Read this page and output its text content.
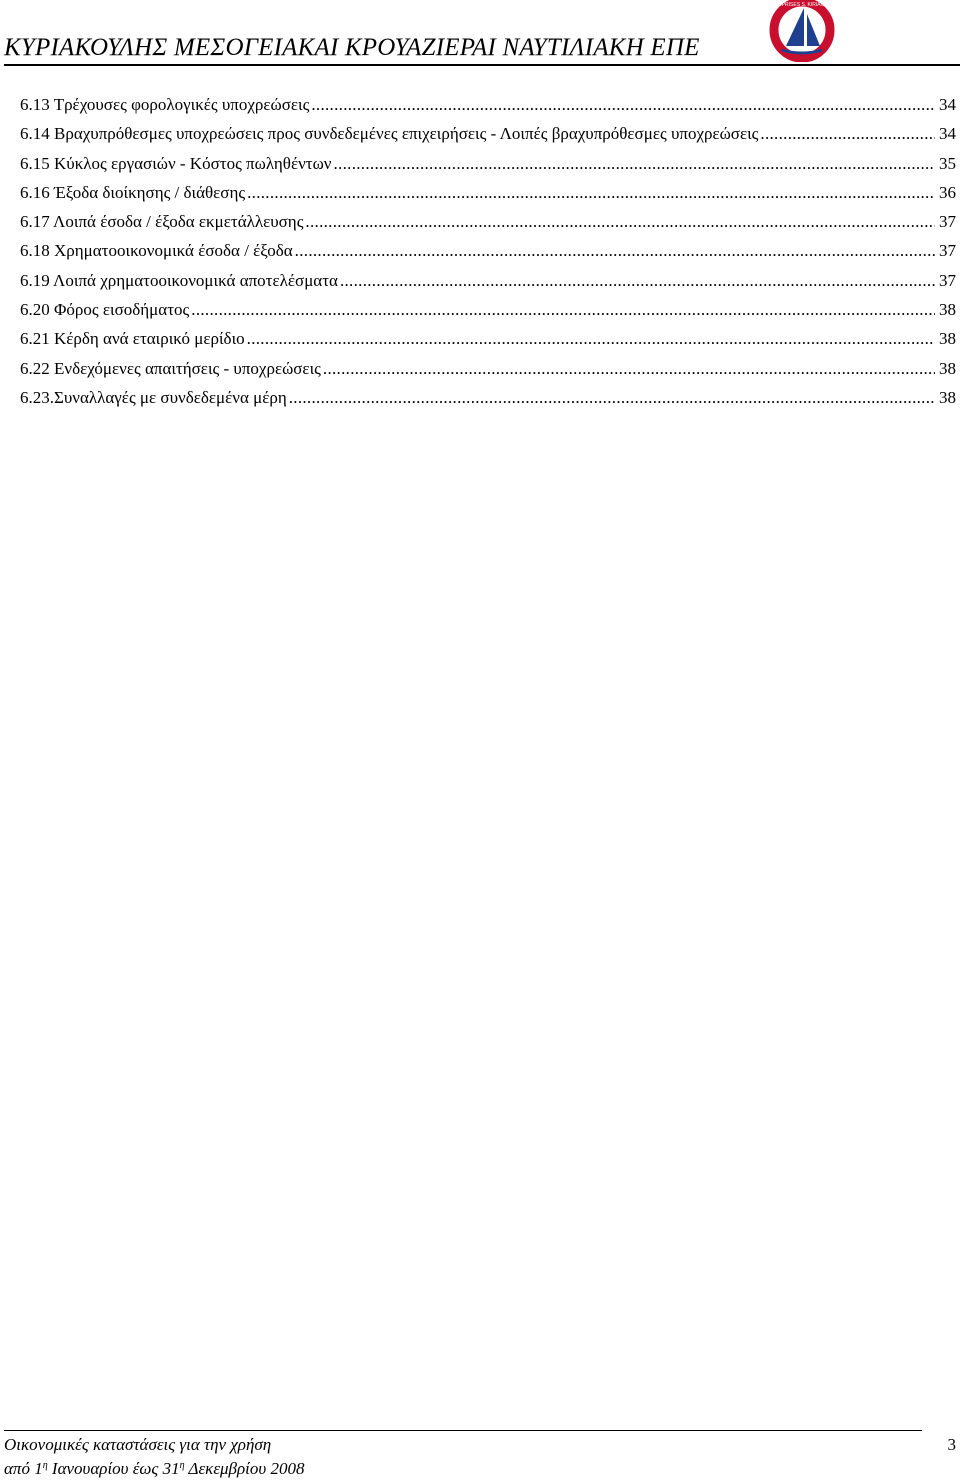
ΚΥΡΙΑΚΟΥΛΗΣ ΜΕΣΟΓΕΙΑΚΑΙ ΚΡΟΥΑΖΙΕΡΑΙ ΝΑΥΤΙΛΙΑΚΗ ΕΠΕ
ENTERPRISES S. KIRIACOULIS
6.13 Τρέχουσες φορολογικές υποχρεώσεις .....	34
6.14 Βραχυπρόθεσμες υποχρεώσεις προς συνδεδεμένες επιχειρήσεις - Λοιπές βραχυπρόθεσμες υποχρεώσεις .....	34
6.15 Κύκλος εργασιών - Κόστος πωληθέντων .....	35
6.16 Έξοδα διοίκησης / διάθεσης .....	36
6.17 Λοιπά έσοδα / έξοδα εκμετάλλευσης .....	37
6.18 Χρηματοοικονομικά έσοδα / έξοδα .....	37
6.19 Λοιπά χρηματοοικονομικά αποτελέσματα .....	37
6.20 Φόρος εισοδήματος .....	38
6.21 Κέρδη ανά εταιρικό μερίδιο .....	38
6.22 Ενδεχόμενες απαιτήσεις - υποχρεώσεις .....	38
6.23.Συναλλαγές με συνδεδεμένα μέρη .....	38
Οικονομικές καταστάσεις για την χρήση	3
από $1^\eta$ Ιανουαρίου έως $31^\eta$ Δεκεμβρίου 2008
